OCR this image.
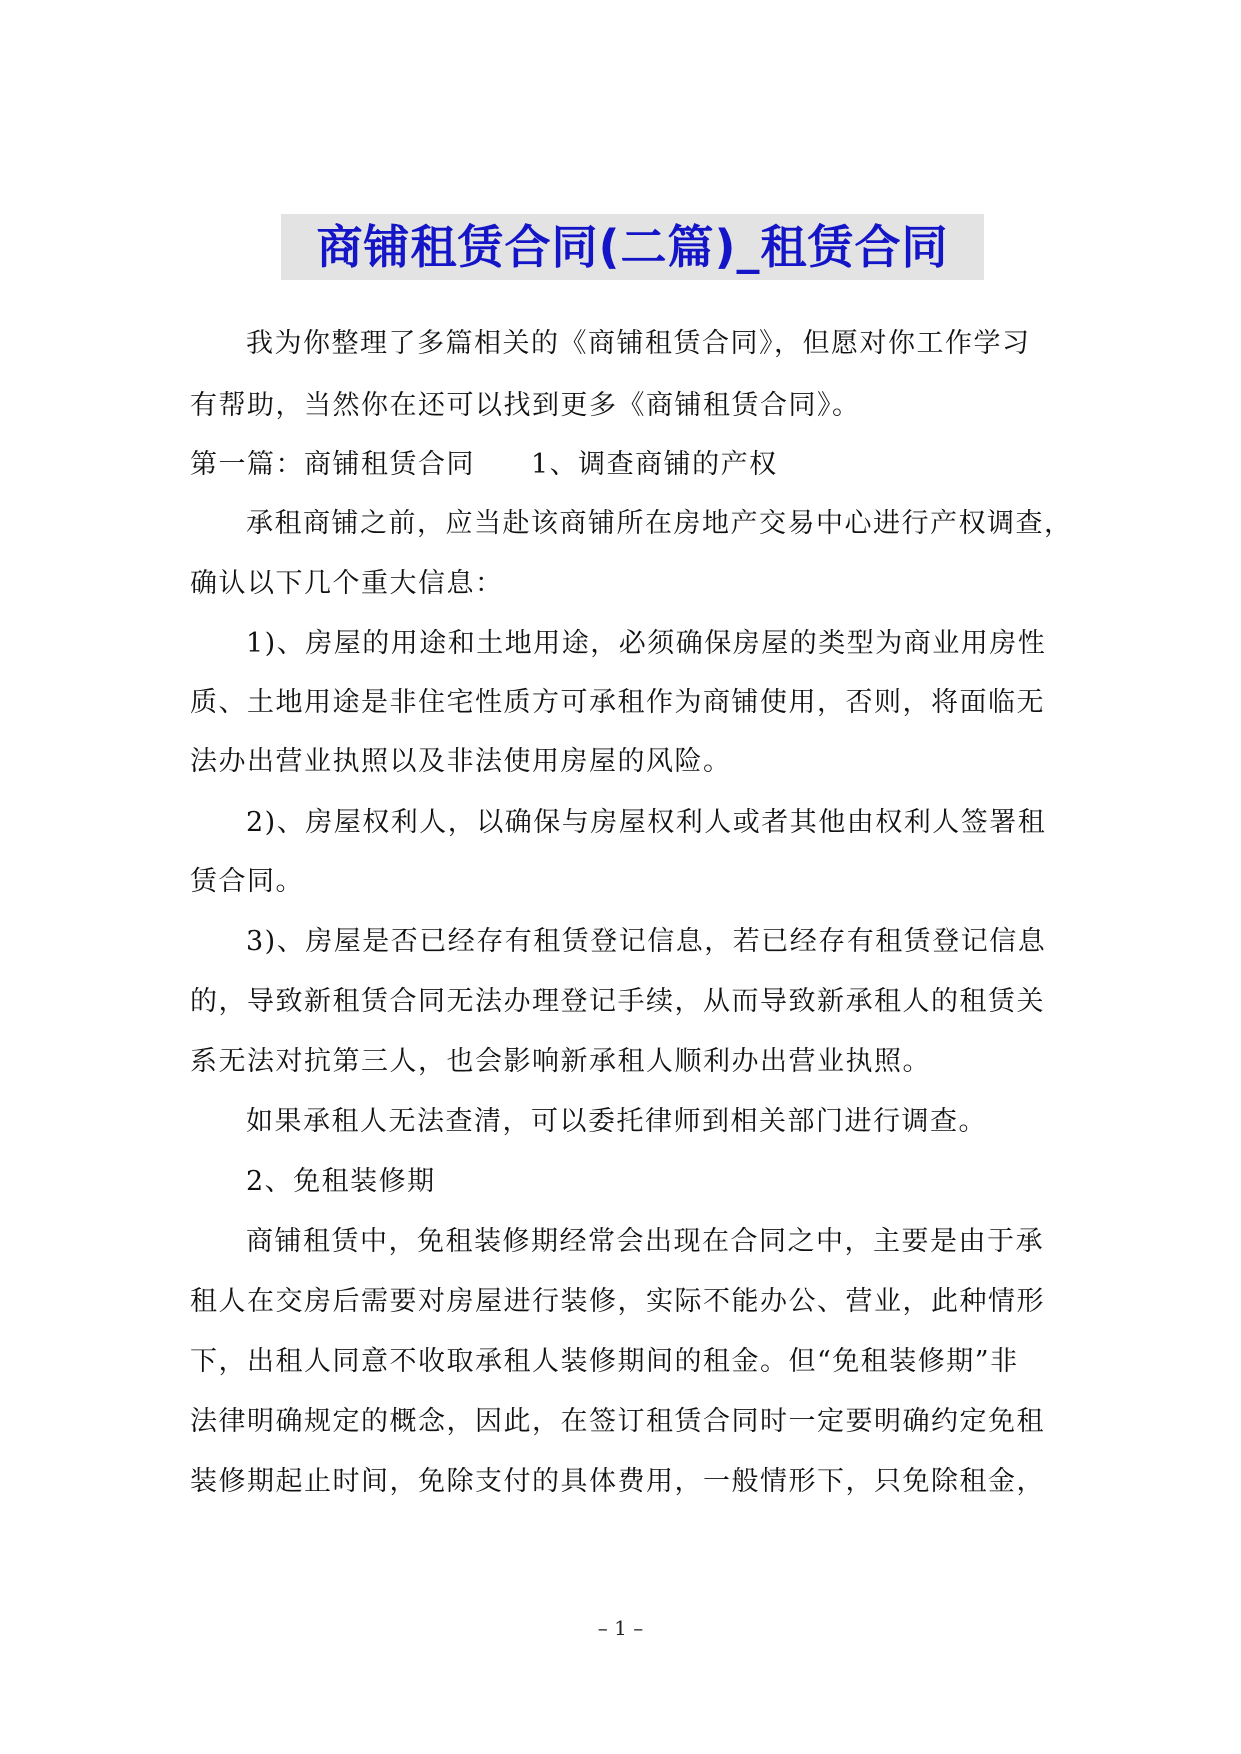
商铺租赁合同(二篇)_租赁合同
我为你整理了多篇相关的《商铺租赁合同》，但愿对你工作学习
有帮助，当然你在还可以找到更多《商铺租赁合同》。
第一篇：商铺租赁合同 1、调查商铺的产权
承租商铺之前，应当赴该商铺所在房地产交易中心进行产权调查，
确认以下几个重大信息：
1)、房屋的用途和土地用途，必须确保房屋的类型为商业用房性
质、土地用途是非住宅性质方可承租作为商铺使用，否则，将面临无
法办出营业执照以及非法使用房屋的风险。
2)、房屋权利人，以确保与房屋权利人或者其他由权利人签署租
赁合同。
3)、房屋是否已经存有租赁登记信息，若已经存有租赁登记信息
的，导致新租赁合同无法办理登记手续，从而导致新承租人的租赁关
系无法对抗第三人，也会影响新承租人顺利办出营业执照。
如果承租人无法查清，可以委托律师到相关部门进行调查。
2、免租装修期
商铺租赁中，免租装修期经常会出现在合同之中，主要是由于承
租人在交房后需要对房屋进行装修，实际不能办公、营业，此种情形
下，出租人同意不收取承租人装修期间的租金。但“免租装修期”非
法律明确规定的概念，因此，在签订租赁合同时一定要明确约定免租
装修期起止时间，免除支付的具体费用，一般情形下，只免除租金，
– 1 –
